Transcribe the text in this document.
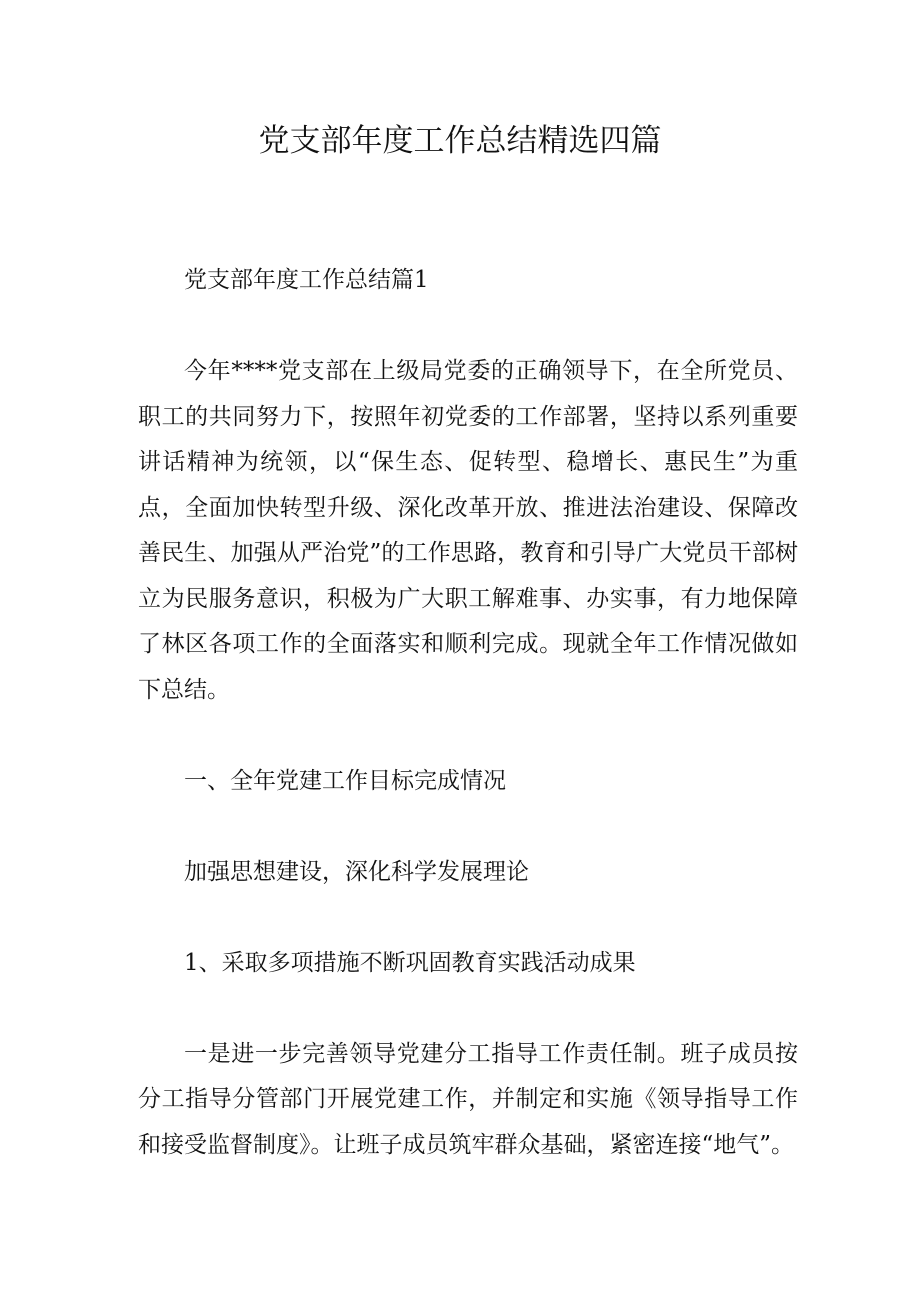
党支部年度工作总结精选四篇

党支部年度工作总结篇1

今年****党支部在上级局党委的正确领导下，在全所党员、职工的共同努力下，按照年初党委的工作部署，坚持以系列重要讲话精神为统领，以“保生态、促转型、稳增长、惠民生”为重点，全面加快转型升级、深化改革开放、推进法治建设、保障改善民生、加强从严治党”的工作思路，教育和引导广大党员干部树立为民服务意识，积极为广大职工解难事、办实事，有力地保障了林区各项工作的全面落实和顺利完成。现就全年工作情况做如下总结。

一、全年党建工作目标完成情况

加强思想建设，深化科学发展理论

1、采取多项措施不断巩固教育实践活动成果

一是进一步完善领导党建分工指导工作责任制。班子成员按分工指导分管部门开展党建工作，并制定和实施《领导指导工作和接受监督制度》。让班子成员筑牢群众基础，紧密连接“地气”。
